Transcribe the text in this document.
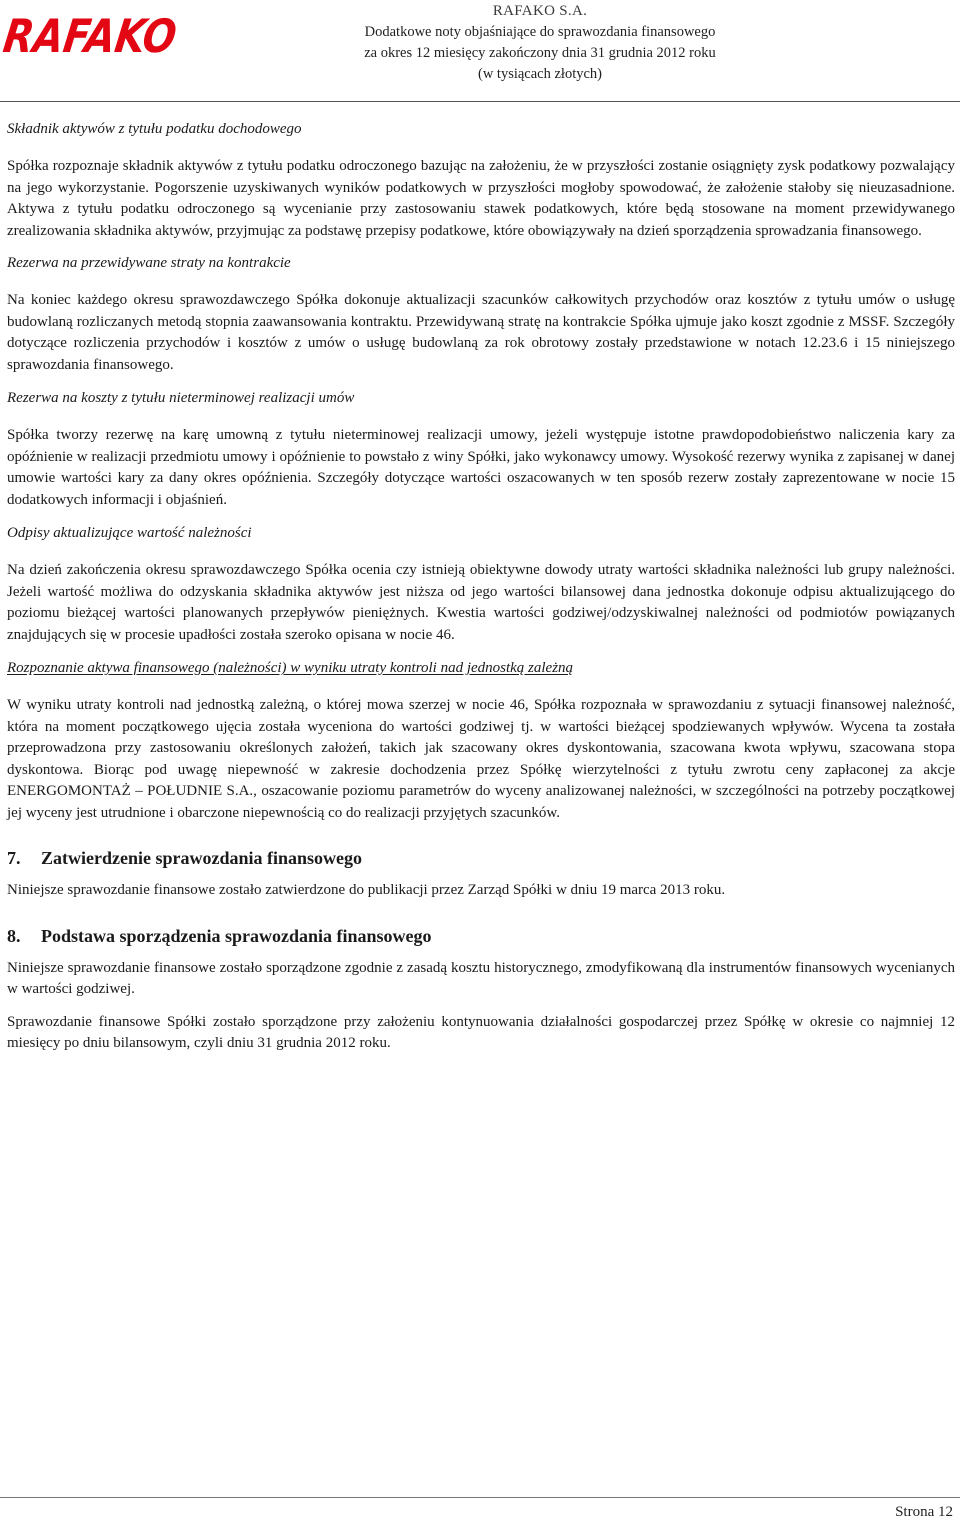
RAFAKO	RAFAKO S.A.
Dodatkowe noty objaśniające do sprawozdania finansowego
za okres 12 miesięcy zakończony dnia 31 grudnia 2012 roku
(w tysiącach złotych)
Składnik aktywów z tytułu podatku dochodowego

Spółka rozpoznaje składnik aktywów z tytułu podatku odroczonego bazując na założeniu, że w przyszłości zostanie osiągnięty zysk podatkowy pozwalający na jego wykorzystanie. Pogorszenie uzyskiwanych wyników podatkowych w przyszłości mogłoby spowodować, że założenie stałoby się nieuzasadnione. Aktywa z tytułu podatku odroczonego są wycenianie przy zastosowaniu stawek podatkowych, które będą stosowane na moment przewidywanego zrealizowania składnika aktywów, przyjmując za podstawę przepisy podatkowe, które obowiązywały na dzień sporządzenia sprowadzania finansowego.

Rezerwa na przewidywane straty na kontrakcie

Na koniec każdego okresu sprawozdawczego Spółka dokonuje aktualizacji szacunków całkowitych przychodów oraz kosztów z tytułu umów o usługę budowlaną rozliczanych metodą stopnia zaawansowania kontraktu. Przewidywaną stratę na kontrakcie Spółka ujmuje jako koszt zgodnie z MSSF. Szczegóły dotyczące rozliczenia przychodów i kosztów z umów o usługę budowlaną za rok obrotowy zostały przedstawione w notach 12.23.6 i 15 niniejszego sprawozdania finansowego.

Rezerwa na koszty z tytułu nieterminowej realizacji umów

Spółka tworzy rezerwę na karę umowną z tytułu nieterminowej realizacji umowy, jeżeli występuje istotne prawdopodobieństwo naliczenia kary za opóźnienie w realizacji przedmiotu umowy i opóźnienie to powstało z winy Spółki, jako wykonawcy umowy. Wysokość rezerwy wynika z zapisanej w danej umowie wartości kary za dany okres opóźnienia. Szczegóły dotyczące wartości oszacowanych w ten sposób rezerw zostały zaprezentowane w nocie 15 dodatkowych informacji i objaśnień.

Odpisy aktualizujące wartość należności

Na dzień zakończenia okresu sprawozdawczego Spółka ocenia czy istnieją obiektywne dowody utraty wartości składnika należności lub grupy należności. Jeżeli wartość możliwa do odzyskania składnika aktywów jest niższa od jego wartości bilansowej dana jednostka dokonuje odpisu aktualizującego do poziomu bieżącej wartości planowanych przepływów pieniężnych. Kwestia wartości godziwej/odzyskiwalnej należności od podmiotów powiązanych znajdujących się w procesie upadłości została szeroko opisana w nocie 46.

Rozpoznanie aktywa finansowego (należności) w wyniku utraty kontroli nad jednostką zależną

W wyniku utraty kontroli nad jednostką zależną, o której mowa szerzej w nocie 46, Spółka rozpoznała w sprawozdaniu z sytuacji finansowej należność, która na moment początkowego ujęcia została wyceniona do wartości godziwej tj. w wartości bieżącej spodziewanych wpływów. Wycena ta została przeprowadzona przy zastosowaniu określonych założeń, takich jak szacowany okres dyskontowania, szacowana kwota wpływu, szacowana stopa dyskontowa. Biorąc pod uwagę niepewność w zakresie dochodzenia przez Spółkę wierzytelności z tytułu zwrotu ceny zapłaconej za akcje ENERGOMONTAŻ – POŁUDNIE S.A., oszacowanie poziomu parametrów do wyceny analizowanej należności, w szczególności na potrzeby początkowej jej wyceny jest utrudnione i obarczone niepewnością co do realizacji przyjętych szacunków.

7.	Zatwierdzenie sprawozdania finansowego

Niniejsze sprawozdanie finansowe zostało zatwierdzone do publikacji przez Zarząd Spółki w dniu 19 marca 2013 roku.

8.	Podstawa sporządzenia sprawozdania finansowego

Niniejsze sprawozdanie finansowe zostało sporządzone zgodnie z zasadą kosztu historycznego, zmodyfikowaną dla instrumentów finansowych wycenianych w wartości godziwej.

Sprawozdanie finansowe Spółki zostało sporządzone przy założeniu kontynuowania działalności gospodarczej przez Spółkę w okresie co najmniej 12 miesięcy po dniu bilansowym, czyli dniu 31 grudnia 2012 roku.

Strona 12
